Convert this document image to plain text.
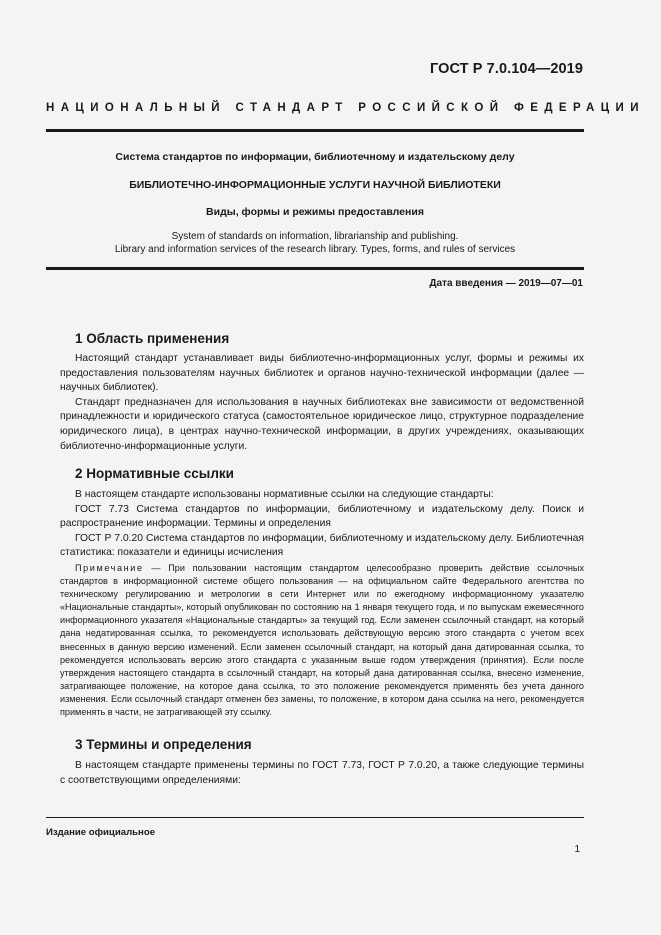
ГОСТ Р 7.0.104—2019
НАЦИОНАЛЬНЫЙ СТАНДАРТ РОССИЙСКОЙ ФЕДЕРАЦИИ
Система стандартов по информации, библиотечному и издательскому делу
БИБЛИОТЕЧНО-ИНФОРМАЦИОННЫЕ УСЛУГИ НАУЧНОЙ БИБЛИОТЕКИ
Виды, формы и режимы предоставления
System of standards on information, librarianship and publishing.
Library and information services of the research library. Types, forms, and rules of services
Дата введения — 2019—07—01
1 Область применения

Настоящий стандарт устанавливает виды библиотечно-информационных услуг, формы и режимы их предоставления пользователям научных библиотек и органов научно-технической информации (далее — научных библиотек).

Стандарт предназначен для использования в научных библиотеках вне зависимости от ведомственной принадлежности и юридического статуса (самостоятельное юридическое лицо, структурное подразделение юридического лица), в центрах научно-технической информации, в других учреждениях, оказывающих библиотечно-информационные услуги.

2 Нормативные ссылки

В настоящем стандарте использованы нормативные ссылки на следующие стандарты:

ГОСТ 7.73 Система стандартов по информации, библиотечному и издательскому делу. Поиск и распространение информации. Термины и определения

ГОСТ Р 7.0.20 Система стандартов по информации, библиотечному и издательскому делу. Библиотечная статистика: показатели и единицы исчисления

Примечание — При пользовании настоящим стандартом целесообразно проверить действие ссылочных стандартов в информационной системе общего пользования — на официальном сайте Федерального агентства по техническому регулированию и метрологии в сети Интернет или по ежегодному информационному указателю «Национальные стандарты», который опубликован по состоянию на 1 января текущего года, и по выпускам ежемесячного информационного указателя «Национальные стандарты» за текущий год. Если заменен ссылочный стандарт, на который дана недатированная ссылка, то рекомендуется использовать действующую версию этого стандарта с учетом всех внесенных в данную версию изменений. Если заменен ссылочный стандарт, на который дана датированная ссылка, то рекомендуется использовать версию этого стандарта с указанным выше годом утверждения (принятия). Если после утверждения настоящего стандарта в ссылочный стандарт, на который дана датированная ссылка, внесено изменение, затрагивающее положение, на которое дана ссылка, то это положение рекомендуется применять без учета данного изменения. Если ссылочный стандарт отменен без замены, то положение, в котором дана ссылка на него, рекомендуется применять в части, не затрагивающей эту ссылку.

3 Термины и определения

В настоящем стандарте применены термины по ГОСТ 7.73, ГОСТ Р 7.0.20, а также следующие термины с соответствующими определениями:

Издание официальное
1
